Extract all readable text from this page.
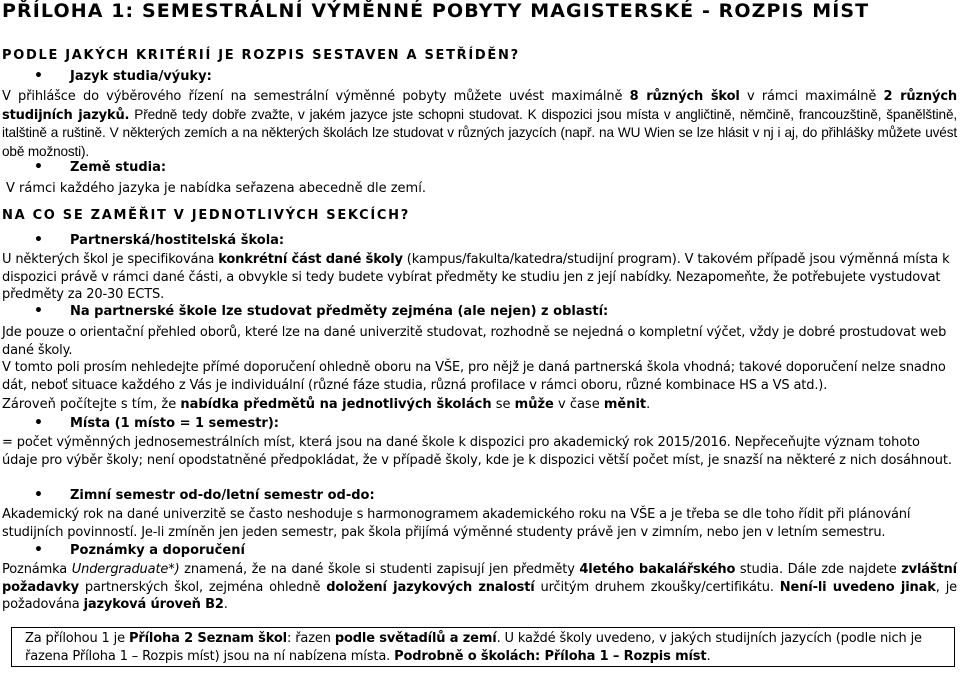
PŘÍLOHA 1: SEMESTRÁLNÍ VÝMĚNNÉ POBYTY MAGISTERSKÉ - ROZPIS MÍST
PODLE JAKÝCH KRITÉRIÍ JE ROZPIS SESTAVEN A SETŘÍDĚN?
• Jazyk studia/výuky:
V přihlášce do výběrového řízení na semestrální výměnné pobyty můžete uvést maximálně 8 různých škol v rámci maximálně 2 různých studijních jazyků. Předně tedy dobře zvažte, v jakém jazyce jste schopni studovat. K dispozici jsou místa v angličtině, němčině, francouzštině, španělštině, italštině a ruštině. V některých zemích a na některých školách lze studovat v různých jazycích (např. na WU Wien se lze hlásit v nj i aj, do přihlášky můžete uvést obě možnosti).
• Země studia:
V rámci každého jazyka je nabídka seřazena abecedně dle zemí.
NA CO SE ZAMĚŘIT V JEDNOTLIVÝCH SEKCÍCH?
• Partnerská/hostitelská škola:
U některých škol je specifikována konkrétní část dané školy (kampus/fakulta/katedra/studijní program). V takovém případě jsou výměnná místa k dispozici právě v rámci dané části, a obvykle si tedy budete vybírat předměty ke studiu jen z její nabídky. Nezapomeňte, že potřebujete vystudovat předměty za 20-30 ECTS.
• Na partnerské škole lze studovat předměty zejména (ale nejen) z oblastí:
Jde pouze o orientační přehled oborů, které lze na dané univerzitě studovat, rozhodně se nejedná o kompletní výčet, vždy je dobré prostudovat web dané školy.
V tomto poli prosím nehledejte přímé doporučení ohledně oboru na VŠE, pro nějž je daná partnerská škola vhodná; takové doporučení nelze snadno dát, neboť situace každého z Vás je individuální (různé fáze studia, různá profilace v rámci oboru, různé kombinace HS a VS atd.).
Zároveň počítejte s tím, že nabídka předmětů na jednotlivých školách se může v čase měnit.
• Místa (1 místo = 1 semestr):
= počet výměnných jednosemestrálních míst, která jsou na dané škole k dispozici pro akademický rok 2015/2016. Nepřeceňujte význam tohoto údaje pro výběr školy; není opodstatněné předpokládat, že v případě školy, kde je k dispozici větší počet míst, je snazší na některé z nich dosáhnout.
• Zimní semestr od-do/letní semestr od-do:
Akademický rok na dané univerzitě se často neshoduje s harmonogramem akademického roku na VŠE a je třeba se dle toho řídit při plánování studijních povinností. Je-li zmíněn jen jeden semestr, pak škola přijímá výměnné studenty právě jen v zimním, nebo jen v letním semestru.
• Poznámky a doporučení
Poznámka Undergraduate*) znamená, že na dané škole si studenti zapisují jen předměty 4letého bakalářského studia. Dále zde najdete zvláštní požadavky partnerských škol, zejména ohledně doložení jazykových znalostí určitým druhem zkoušky/certifikátu. Není-li uvedeno jinak, je požadována jazyková úroveň B2.
Za přílohou 1 je Příloha 2 Seznam škol: řazen podle světadílů a zemí. U každé školy uvedeno, v jakých studijních jazycích (podle nich je řazena Příloha 1 – Rozpis míst) jsou na ní nabízena místa. Podrobně o školách: Příloha 1 – Rozpis míst.
